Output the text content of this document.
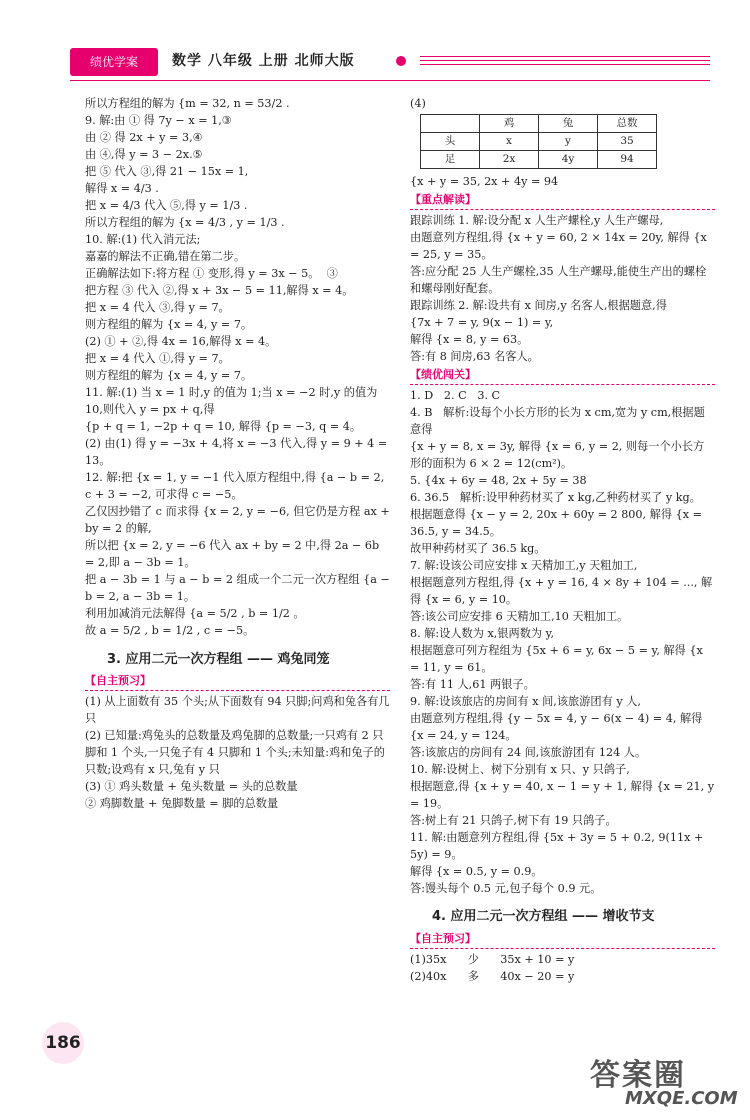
绩优学案	数学 八年级 上册 北师大版

所以方程组的解为 {m = 32, n = 53/2 .

9. 解:由 ① 得 7y − x = 1,③

由 ② 得 2x + y = 3,④

由 ④,得 y = 3 − 2x.⑤

把 ⑤ 代入 ③,得 21 − 15x = 1,

解得 x = 4/3 .

把 x = 4/3 代入 ⑤,得 y = 1/3 .

所以方程组的解为 {x = 4/3 , y = 1/3 .

10. 解:(1) 代入消元法;

嘉嘉的解法不正确,错在第二步。

正确解法如下:将方程 ① 变形,得 y = 3x − 5。  ③

把方程 ③ 代入 ②,得 x + 3x − 5 = 11,解得 x = 4。

把 x = 4 代入 ③,得 y = 7。

则方程组的解为 {x = 4, y = 7。

(2) ① + ②,得 4x = 16,解得 x = 4。

把 x = 4 代入 ①,得 y = 7。

则方程组的解为 {x = 4, y = 7。

11. 解:(1) 当 x = 1 时,y 的值为 1;当 x = −2 时,y 的值为 10,则代入 y = px + q,得

{p + q = 1, −2p + q = 10, 解得 {p = −3, q = 4。

(2) 由(1) 得 y = −3x + 4,将 x = −3 代入,得 y = 9 + 4 = 13。

12. 解:把 {x = 1, y = −1 代入原方程组中,得 {a − b = 2, c + 3 = −2, 可求得 c = −5。

乙仅因抄错了 c 而求得 {x = 2, y = −6, 但它仍是方程 ax + by = 2 的解,

所以把 {x = 2, y = −6 代入 ax + by = 2 中,得 2a − 6b = 2,即 a − 3b = 1。

把 a − 3b = 1 与 a − b = 2 组成一个二元一次方程组 {a − b = 2, a − 3b = 1。

利用加减消元法解得 {a = 5/2 , b = 1/2 。

故 a = 5/2 , b = 1/2 , c = −5。

3. 应用二元一次方程组 —— 鸡兔同笼
【自主预习】

(1) 从上面数有 35 个头;从下面数有 94 只脚;问鸡和兔各有几只

(2) 已知量:鸡兔头的总数量及鸡兔脚的总数量;一只鸡有 2 只脚和 1 个头,一只兔子有 4 只脚和 1 个头;未知量:鸡和兔子的只数;设鸡有 x 只,兔有 y 只

(3) ① 鸡头数量 + 兔头数量 = 头的总数量

② 鸡脚数量 + 兔脚数量 = 脚的总数量

(4)

	鸡	兔	总数
头	x	y	35
足	2x	4y	94

{x + y = 35, 2x + 4y = 94

【重点解读】

跟踪训练 1. 解:设分配 x 人生产螺栓,y 人生产螺母,

由题意列方程组,得 {x + y = 60, 2 × 14x = 20y, 解得 {x = 25, y = 35。

答:应分配 25 人生产螺栓,35 人生产螺母,能使生产出的螺栓和螺母刚好配套。

跟踪训练 2. 解:设共有 x 间房,y 名客人,根据题意,得

{7x + 7 = y, 9(x − 1) = y,

解得 {x = 8, y = 63。

答:有 8 间房,63 名客人。

【绩优闯关】

1. D   2. C   3. C

4. B   解析:设每个小长方形的长为 x cm,宽为 y cm,根据题意得

{x + y = 8, x = 3y, 解得 {x = 6, y = 2, 则每一个小长方形的面积为 6 × 2 = 12(cm²)。

5. {4x + 6y = 48, 2x + 5y = 38

6. 36.5   解析:设甲种药材买了 x kg,乙种药材买了 y kg。

根据题意得 {x − y = 2, 20x + 60y = 2 800, 解得 {x = 36.5, y = 34.5。

故甲种药材买了 36.5 kg。

7. 解:设该公司应安排 x 天精加工,y 天粗加工,

根据题意列方程组,得 {x + y = 16, 4 × 8y + 104 = ..., 解得 {x = 6, y = 10。

答:该公司应安排 6 天精加工,10 天粗加工。

8. 解:设人数为 x,银两数为 y,

根据题意可列方程组为 {5x + 6 = y, 6x − 5 = y, 解得 {x = 11, y = 61。

答:有 11 人,61 两银子。

9. 解:设该旅店的房间有 x 间,该旅游团有 y 人,

由题意列方程组,得 {y − 5x = 4, y − 6(x − 4) = 4, 解得 {x = 24, y = 124。

答:该旅店的房间有 24 间,该旅游团有 124 人。

10. 解:设树上、树下分别有 x 只、y 只鸽子,

根据题意,得 {x + y = 40, x − 1 = y + 1, 解得 {x = 21, y = 19。

答:树上有 21 只鸽子,树下有 19 只鸽子。

11. 解:由题意列方程组,得 {5x + 3y = 5 + 0.2, 9(11x + 5y) = 9。

解得 {x = 0.5, y = 0.9。

答:馒头每个 0.5 元,包子每个 0.9 元。

4. 应用二元一次方程组 —— 增收节支
【自主预习】

(1)35x      少      35x + 10 = y

(2)40x      多      40x − 20 = y

186
答案圈
MXQE.COM
